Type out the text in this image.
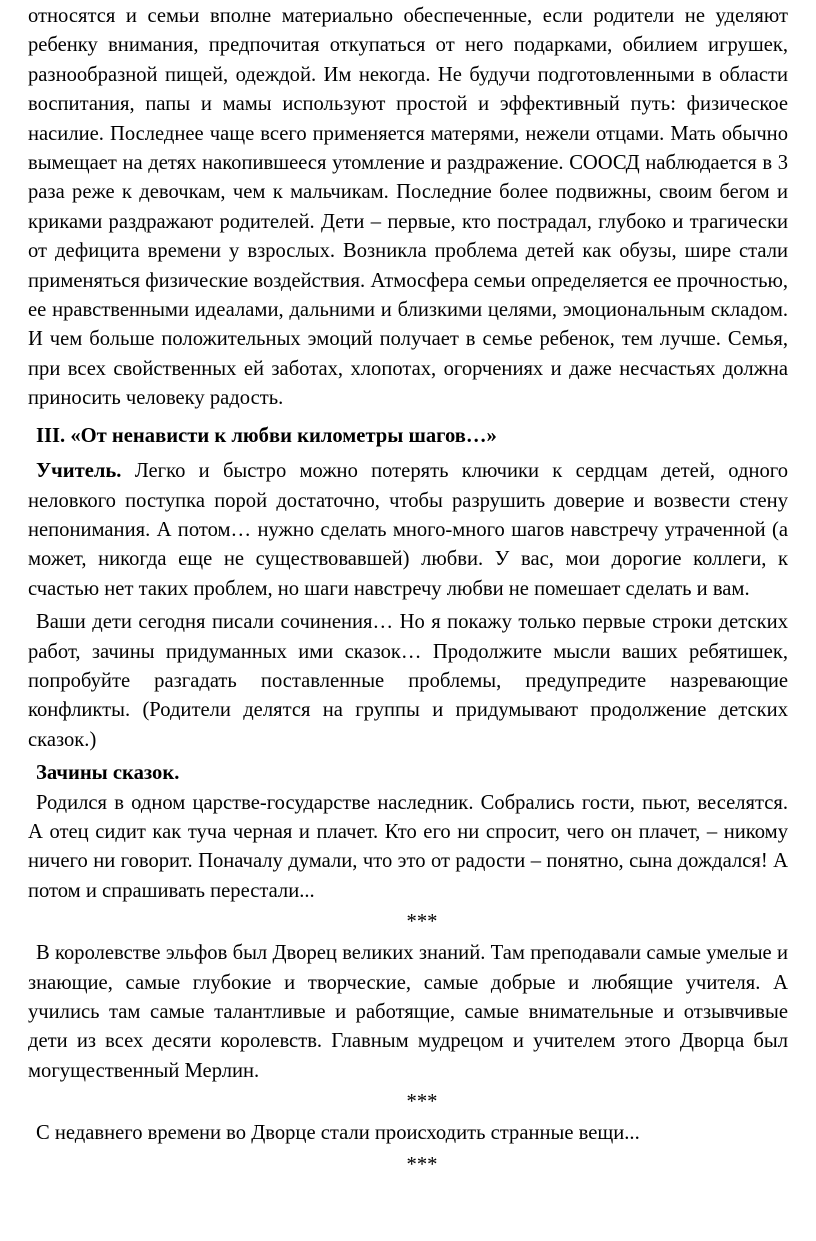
относятся и семьи вполне материально обеспеченные, если родители не уделяют ребенку внимания, предпочитая откупаться от него подарками, обилием игрушек, разнообразной пищей, одеждой. Им некогда. Не будучи подготовленными в области воспитания, папы и мамы используют простой и эффективный путь: физическое насилие. Последнее чаще всего применяется матерями, нежели отцами. Мать обычно вымещает на детях накопившееся утомление и раздражение. СООСД наблюдается в 3 раза реже к девочкам, чем к мальчикам. Последние более подвижны, своим бегом и криками раздражают родителей. Дети – первые, кто пострадал, глубоко и трагически от дефицита времени у взрослых. Возникла проблема детей как обузы, шире стали применяться физические воздействия. Атмосфера семьи определяется ее прочностью, ее нравственными идеалами, дальними и близкими целями, эмоциональным складом. И чем больше положительных эмоций получает в семье ребенок, тем лучше. Семья, при всех свойственных ей заботах, хлопотах, огорчениях и даже несчастьях должна приносить человеку радость.

III. «От ненависти к любви километры шагов…»

Учитель. Легко и быстро можно потерять ключики к сердцам детей, одного неловкого поступка порой достаточно, чтобы разрушить доверие и возвести стену непонимания. А потом… нужно сделать много-много шагов навстречу утраченной (а может, никогда еще не существовавшей) любви. У вас, мои дорогие коллеги, к счастью нет таких проблем, но шаги навстречу любви не помешает сделать и вам.

Ваши дети сегодня писали сочинения… Но я покажу только первые строки детских работ, зачины придуманных ими сказок… Продолжите мысли ваших ребятишек, попробуйте разгадать поставленные проблемы, предупредите назревающие конфликты. (Родители делятся на группы и придумывают продолжение детских сказок.)

Зачины сказок.

Родился в одном царстве-государстве наследник. Собрались гости, пьют, веселятся. А отец сидит как туча черная и плачет. Кто его ни спросит, чего он плачет, – никому ничего ни говорит. Поначалу думали, что это от радости – понятно, сына дождался! А потом и спрашивать перестали...

***

В королевстве эльфов был Дворец великих знаний. Там преподавали самые умелые и знающие, самые глубокие и творческие, самые добрые и любящие учителя. А учились там самые талантливые и работящие, самые внимательные и отзывчивые дети из всех десяти королевств. Главным мудрецом и учителем этого Дворца был могущественный Мерлин.

***

С недавнего времени во Дворце стали происходить странные вещи...

***
